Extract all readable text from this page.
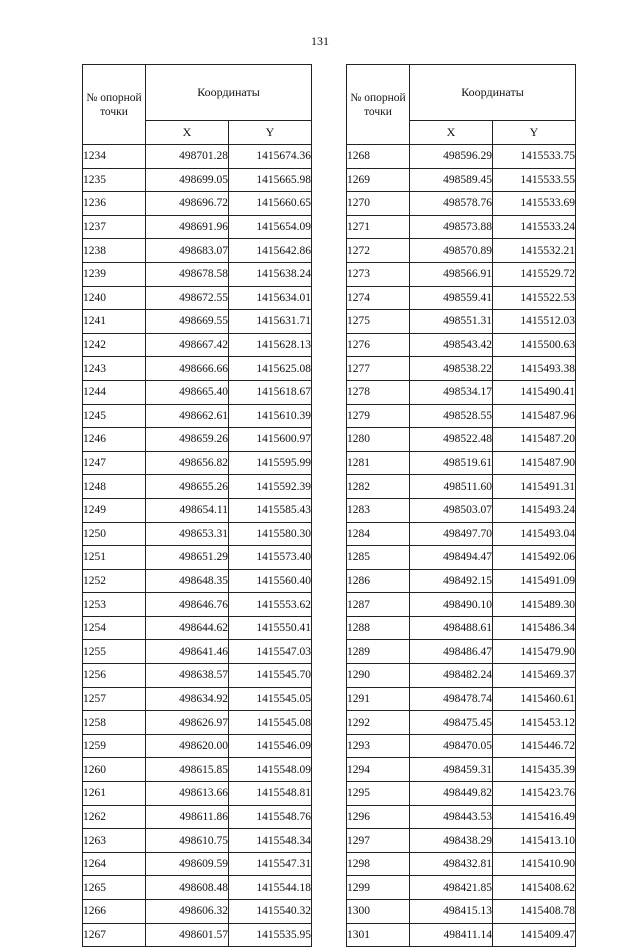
131
№ опорной точки	Координаты	
	X	Y
1234	498701.28	1415674.36
1235	498699.05	1415665.98
1236	498696.72	1415660.65
1237	498691.96	1415654.09
1238	498683.07	1415642.86
1239	498678.58	1415638.24
1240	498672.55	1415634.01
1241	498669.55	1415631.71
1242	498667.42	1415628.13
1243	498666.66	1415625.08
1244	498665.40	1415618.67
1245	498662.61	1415610.39
1246	498659.26	1415600.97
1247	498656.82	1415595.99
1248	498655.26	1415592.39
1249	498654.11	1415585.43
1250	498653.31	1415580.30
1251	498651.29	1415573.40
1252	498648.35	1415560.40
1253	498646.76	1415553.62
1254	498644.62	1415550.41
1255	498641.46	1415547.03
1256	498638.57	1415545.70
1257	498634.92	1415545.05
1258	498626.97	1415545.08
1259	498620.00	1415546.09
1260	498615.85	1415548.09
1261	498613.66	1415548.81
1262	498611.86	1415548.76
1263	498610.75	1415548.34
1264	498609.59	1415547.31
1265	498608.48	1415544.18
1266	498606.32	1415540.32
1267	498601.57	1415535.95
№ опорной точки	Координаты	
	X	Y
1268	498596.29	1415533.75
1269	498589.45	1415533.55
1270	498578.76	1415533.69
1271	498573.88	1415533.24
1272	498570.89	1415532.21
1273	498566.91	1415529.72
1274	498559.41	1415522.53
1275	498551.31	1415512.03
1276	498543.42	1415500.63
1277	498538.22	1415493.38
1278	498534.17	1415490.41
1279	498528.55	1415487.96
1280	498522.48	1415487.20
1281	498519.61	1415487.90
1282	498511.60	1415491.31
1283	498503.07	1415493.24
1284	498497.70	1415493.04
1285	498494.47	1415492.06
1286	498492.15	1415491.09
1287	498490.10	1415489.30
1288	498488.61	1415486.34
1289	498486.47	1415479.90
1290	498482.24	1415469.37
1291	498478.74	1415460.61
1292	498475.45	1415453.12
1293	498470.05	1415446.72
1294	498459.31	1415435.39
1295	498449.82	1415423.76
1296	498443.53	1415416.49
1297	498438.29	1415413.10
1298	498432.81	1415410.90
1299	498421.85	1415408.62
1300	498415.13	1415408.78
1301	498411.14	1415409.47
